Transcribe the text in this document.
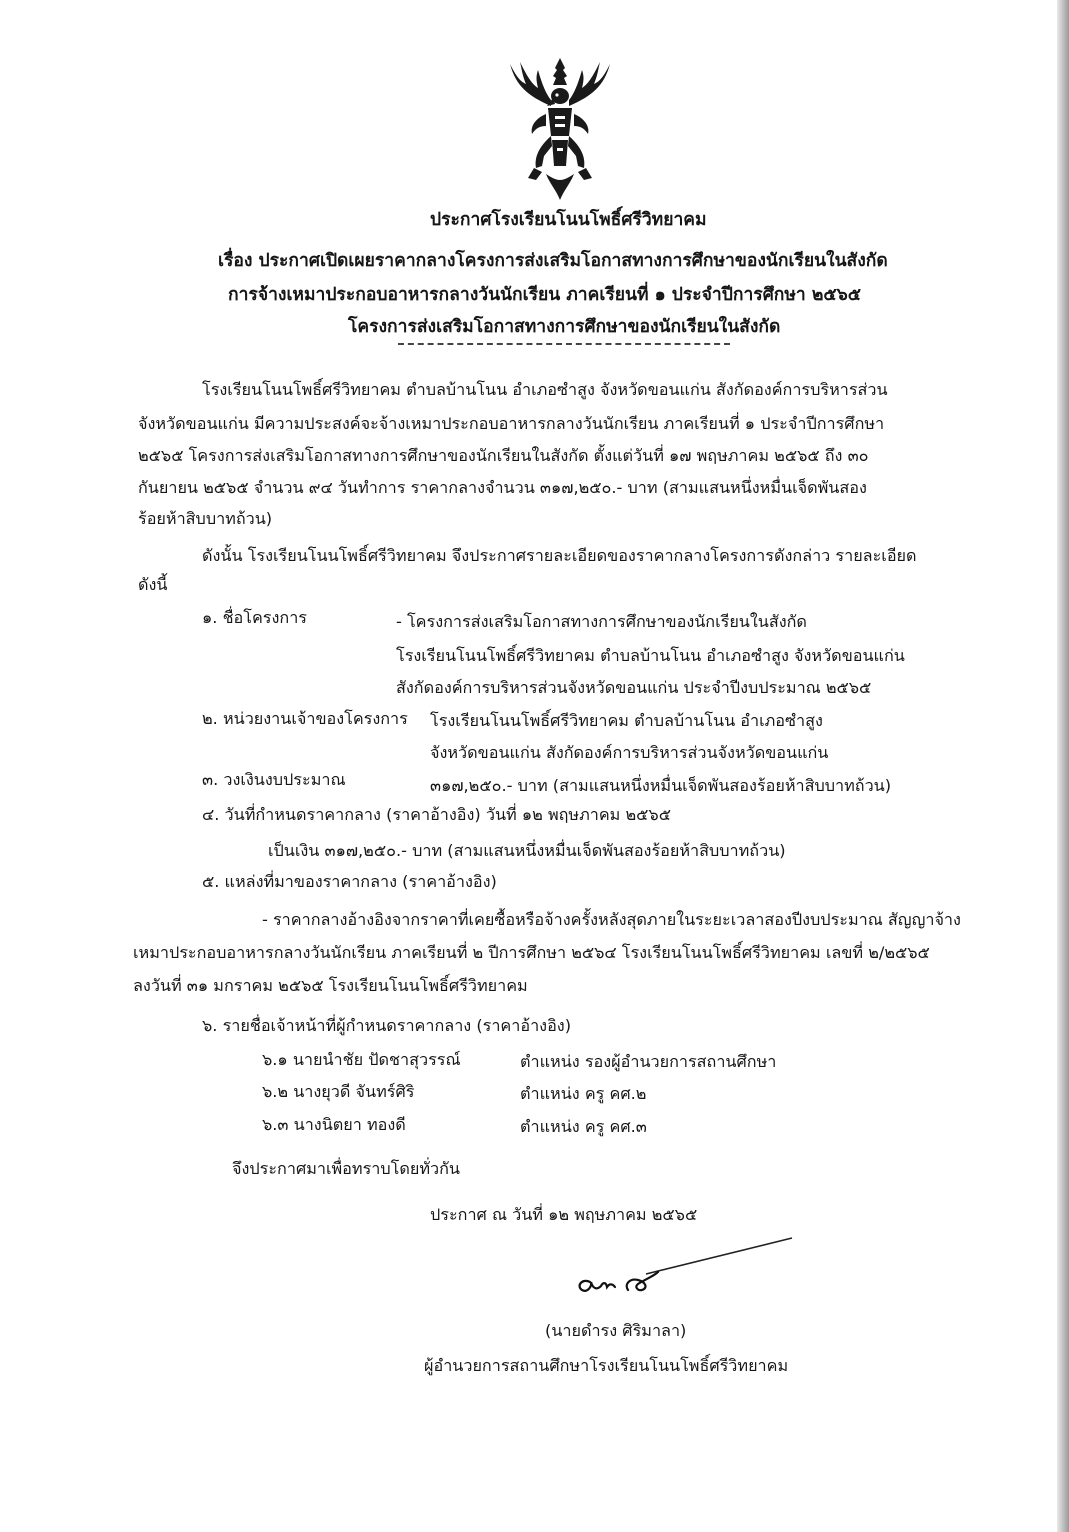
ประกาศโรงเรียนโนนโพธิ์ศรีวิทยาคม
เรื่อง ประกาศเปิดเผยราคากลางโครงการส่งเสริมโอกาสทางการศึกษาของนักเรียนในสังกัด
การจ้างเหมาประกอบอาหารกลางวันนักเรียน ภาคเรียนที่ ๑ ประจำปีการศึกษา ๒๕๖๕
โครงการส่งเสริมโอกาสทางการศึกษาของนักเรียนในสังกัด
โรงเรียนโนนโพธิ์ศรีวิทยาคม ตำบลบ้านโนน อำเภอซำสูง จังหวัดขอนแก่น สังกัดองค์การบริหารส่วน
จังหวัดขอนแก่น มีความประสงค์จะจ้างเหมาประกอบอาหารกลางวันนักเรียน ภาคเรียนที่ ๑ ประจำปีการศึกษา
๒๕๖๕ โครงการส่งเสริมโอกาสทางการศึกษาของนักเรียนในสังกัด ตั้งแต่วันที่ ๑๗ พฤษภาคม ๒๕๖๕ ถึง ๓๐
กันยายน ๒๕๖๕ จำนวน ๙๔ วันทำการ ราคากลางจำนวน ๓๑๗,๒๕๐.- บาท (สามแสนหนึ่งหมื่นเจ็ดพันสอง
ร้อยห้าสิบบาทถ้วน)
ดังนั้น โรงเรียนโนนโพธิ์ศรีวิทยาคม จึงประกาศรายละเอียดของราคากลางโครงการดังกล่าว รายละเอียด
ดังนี้
๑. ชื่อโครงการ	- โครงการส่งเสริมโอกาสทางการศึกษาของนักเรียนในสังกัด
โรงเรียนโนนโพธิ์ศรีวิทยาคม ตำบลบ้านโนน อำเภอซำสูง จังหวัดขอนแก่น
สังกัดองค์การบริหารส่วนจังหวัดขอนแก่น ประจำปีงบประมาณ ๒๕๖๕
๒. หน่วยงานเจ้าของโครงการ โรงเรียนโนนโพธิ์ศรีวิทยาคม ตำบลบ้านโนน อำเภอซำสูง
จังหวัดขอนแก่น สังกัดองค์การบริหารส่วนจังหวัดขอนแก่น
๓. วงเงินงบประมาณ	๓๑๗,๒๕๐.- บาท (สามแสนหนึ่งหมื่นเจ็ดพันสองร้อยห้าสิบบาทถ้วน)
๔. วันที่กำหนดราคากลาง (ราคาอ้างอิง) วันที่ ๑๒ พฤษภาคม ๒๕๖๕
เป็นเงิน ๓๑๗,๒๕๐.- บาท (สามแสนหนึ่งหมื่นเจ็ดพันสองร้อยห้าสิบบาทถ้วน)
๕. แหล่งที่มาของราคากลาง (ราคาอ้างอิง)
- ราคากลางอ้างอิงจากราคาที่เคยซื้อหรือจ้างครั้งหลังสุดภายในระยะเวลาสองปีงบประมาณ สัญญาจ้าง
เหมาประกอบอาหารกลางวันนักเรียน ภาคเรียนที่ ๒ ปีการศึกษา ๒๕๖๔ โรงเรียนโนนโพธิ์ศรีวิทยาคม เลขที่ ๒/๒๕๖๕
ลงวันที่ ๓๑ มกราคม ๒๕๖๕ โรงเรียนโนนโพธิ์ศรีวิทยาคม
๖. รายชื่อเจ้าหน้าที่ผู้กำหนดราคากลาง (ราคาอ้างอิง)
๖.๑ นายนำชัย ปัดชาสุวรรณ์	ตำแหน่ง รองผู้อำนวยการสถานศึกษา
๖.๒ นางยุวดี จันทร์ศิริ	ตำแหน่ง ครู คศ.๒
๖.๓ นางนิตยา ทองดี	ตำแหน่ง ครู คศ.๓
จึงประกาศมาเพื่อทราบโดยทั่วกัน
ประกาศ ณ วันที่ ๑๒ พฤษภาคม ๒๕๖๕
(นายดำรง ศิริมาลา)
ผู้อำนวยการสถานศึกษาโรงเรียนโนนโพธิ์ศรีวิทยาคม
